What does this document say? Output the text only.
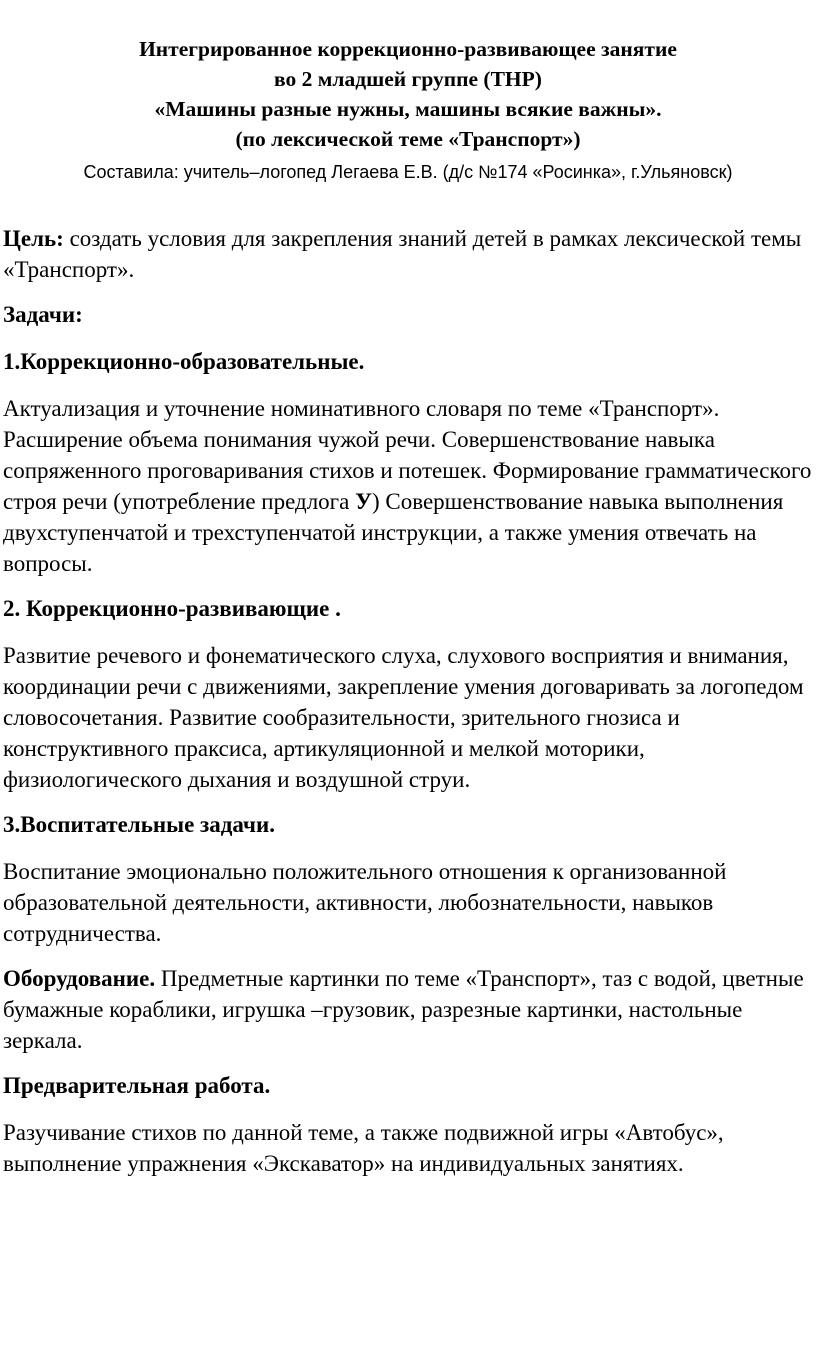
Интегрированное коррекционно-развивающее занятие

во 2 младшей группе (ТНР)

«Машины разные нужны, машины всякие важны».

(по лексической теме «Транспорт»)

Составила: учитель–логопед Легаева Е.В. (д/с №174 «Росинка», г.Ульяновск)

Цель: создать условия для закрепления знаний детей в рамках лексической темы «Транспорт».

Задачи:

1.Коррекционно-образовательные.

Актуализация и уточнение номинативного словаря по теме «Транспорт». Расширение объема понимания чужой речи. Совершенствование навыка сопряженного проговаривания стихов и потешек. Формирование грамматического строя речи (употребление предлога У) Совершенствование навыка выполнения двухступенчатой и трехступенчатой инструкции, а также умения отвечать на вопросы.

2. Коррекционно-развивающие .

Развитие речевого и фонематического слуха, слухового восприятия и внимания, координации речи с движениями, закрепление умения договаривать за логопедом словосочетания. Развитие сообразительности, зрительного гнозиса и конструктивного праксиса, артикуляционной и мелкой моторики, физиологического дыхания и воздушной струи.

3.Воспитательные задачи.

Воспитание эмоционально положительного отношения к организованной образовательной деятельности, активности, любознательности, навыков сотрудничества.

Оборудование. Предметные картинки по теме «Транспорт», таз с водой, цветные бумажные кораблики, игрушка –грузовик, разрезные картинки, настольные зеркала.

Предварительная работа.

Разучивание стихов по данной теме, а также подвижной игры «Автобус», выполнение упражнения «Экскаватор» на индивидуальных занятиях.
